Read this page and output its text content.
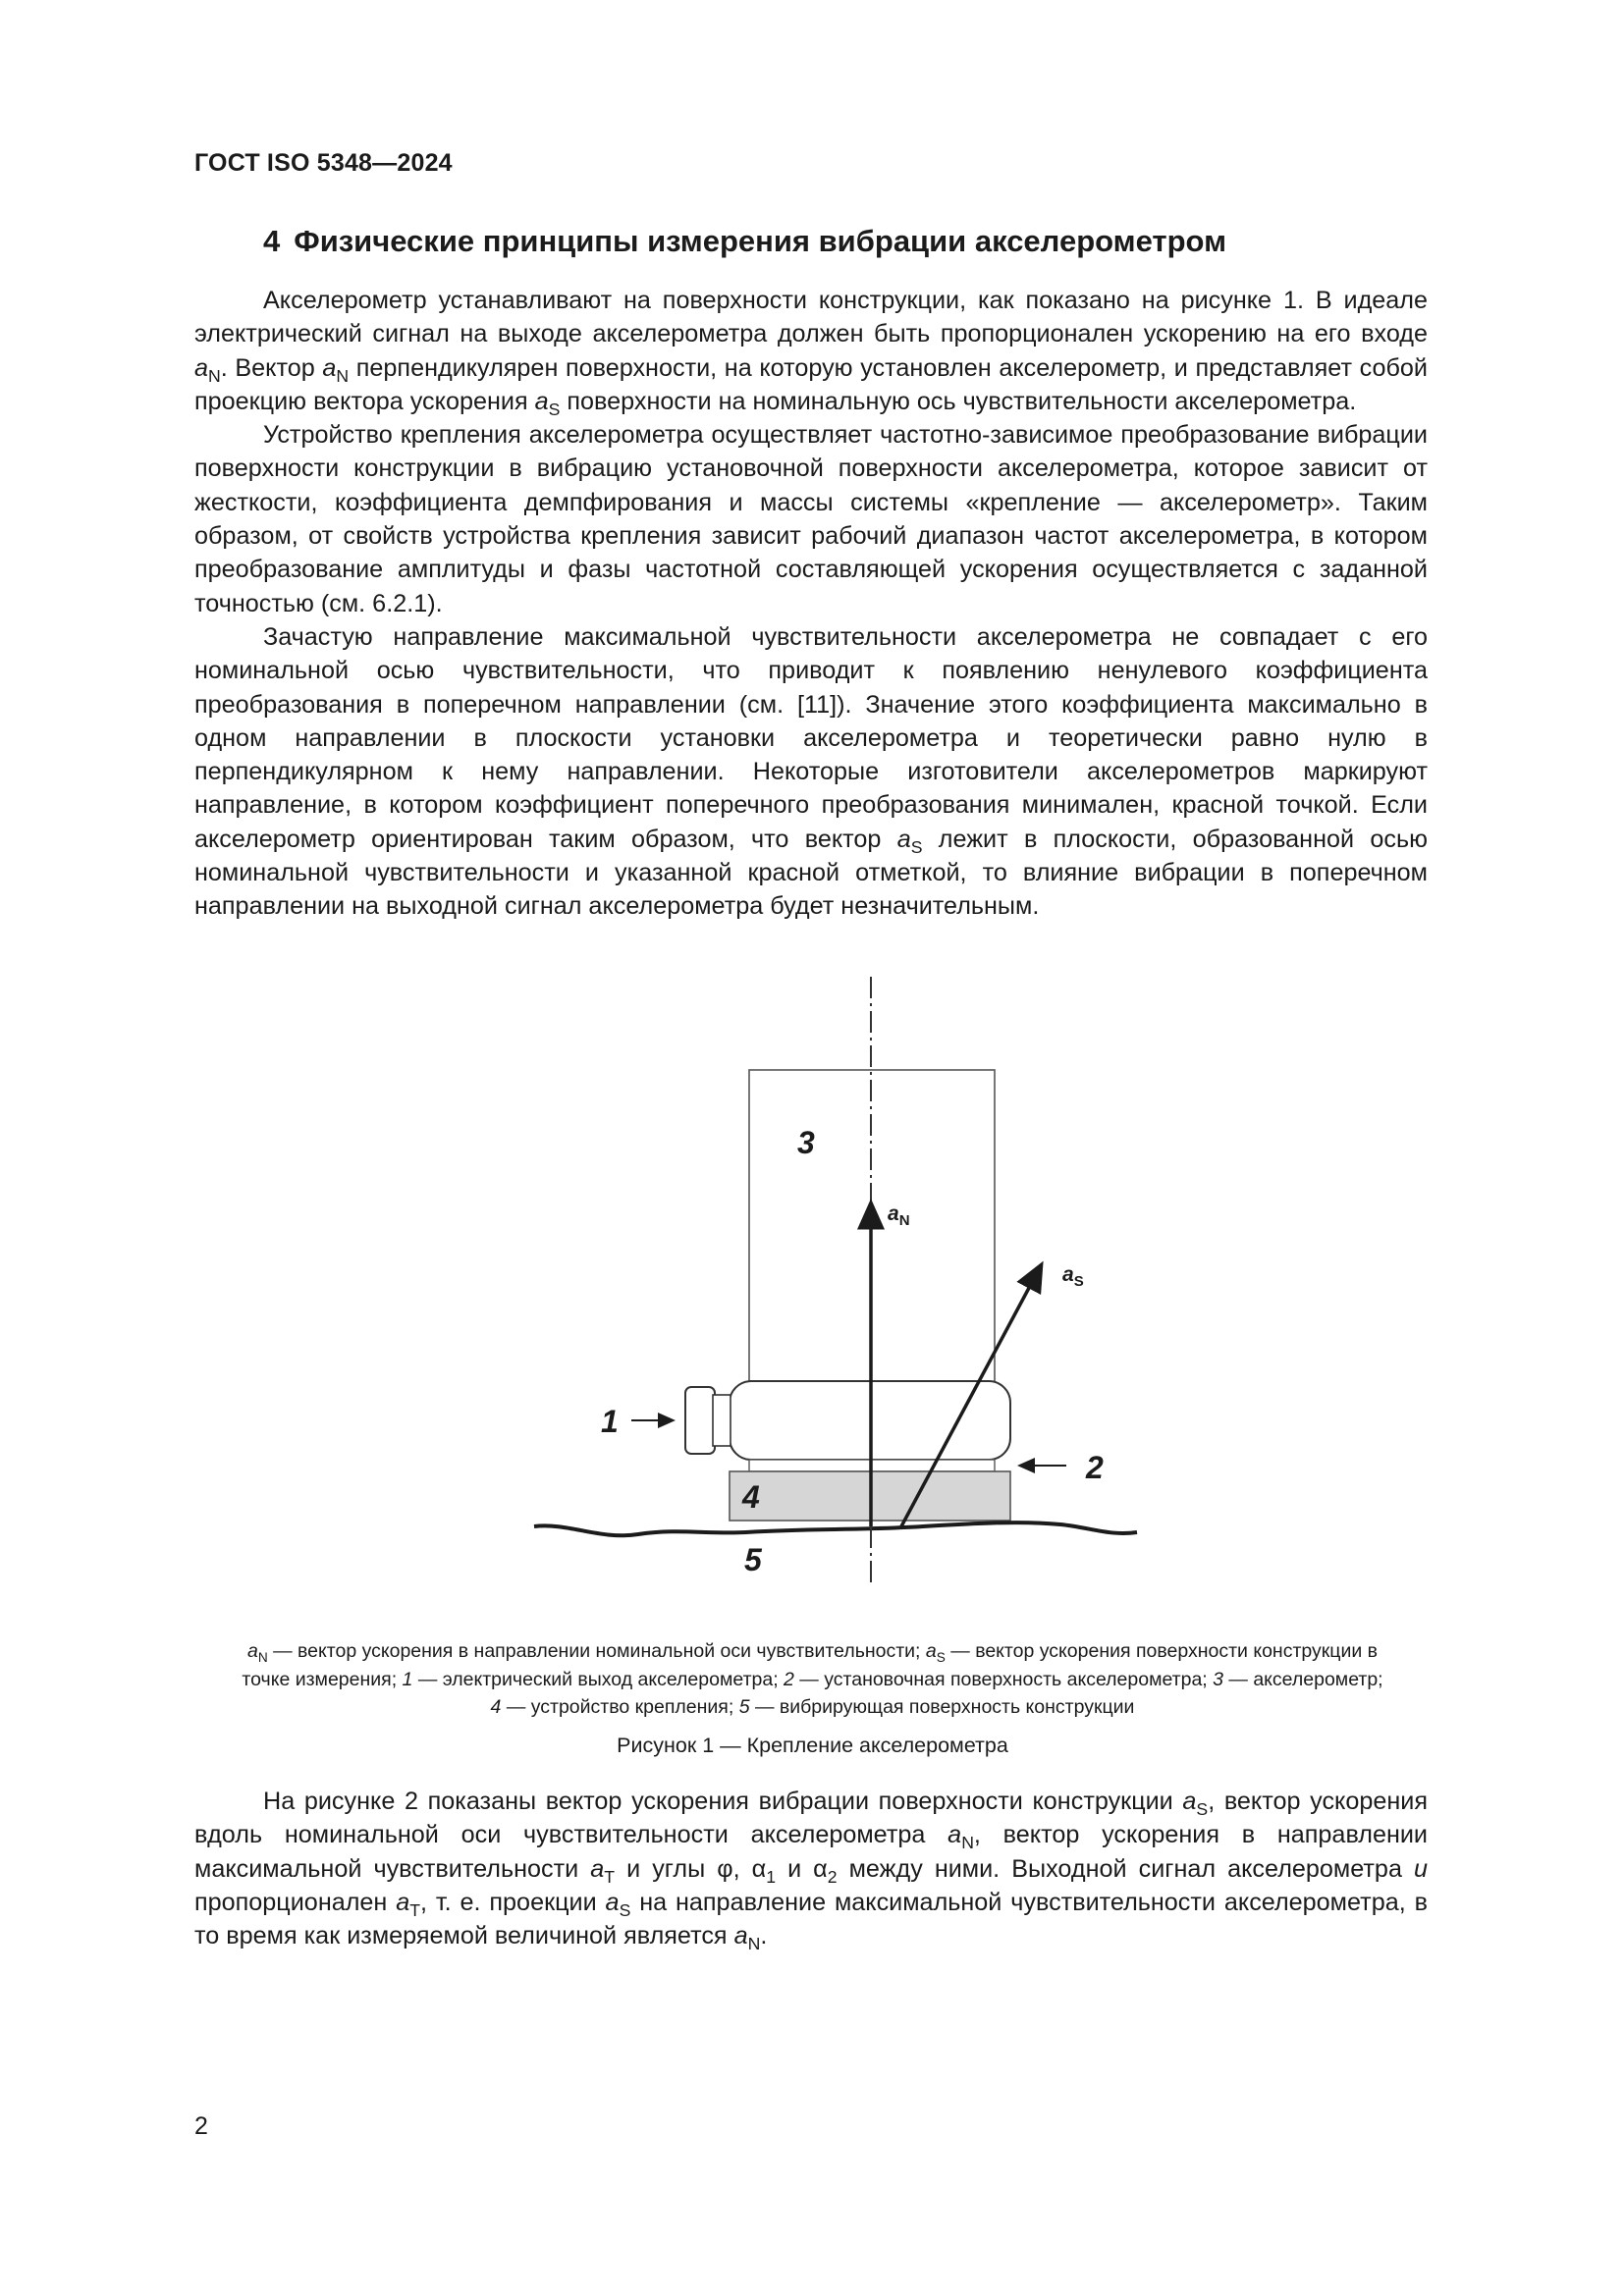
ГОСТ ISO 5348—2024
4 Физические принципы измерения вибрации акселерометром

Акселерометр устанавливают на поверхности конструкции, как показано на рисунке 1. В идеале электрический сигнал на выходе акселерометра должен быть пропорционален ускорению на его входе $a_N$. Вектор $a_N$ перпендикулярен поверхности, на которую установлен акселерометр, и представляет собой проекцию вектора ускорения $a_S$ поверхности на номинальную ось чувствительности акселерометра.

Устройство крепления акселерометра осуществляет частотно-зависимое преобразование вибрации поверхности конструкции в вибрацию установочной поверхности акселерометра, которое зависит от жесткости, коэффициента демпфирования и массы системы «крепление — акселерометр». Таким образом, от свойств устройства крепления зависит рабочий диапазон частот акселерометра, в котором преобразование амплитуды и фазы частотной составляющей ускорения осуществляется с заданной точностью (см. 6.2.1).

Зачастую направление максимальной чувствительности акселерометра не совпадает с его номинальной осью чувствительности, что приводит к появлению ненулевого коэффициента преобразования в поперечном направлении (см. [11]). Значение этого коэффициента максимально в одном направлении в плоскости установки акселерометра и теоретически равно нулю в перпендикулярном к нему направлении. Некоторые изготовители акселерометров маркируют направление, в котором коэффициент поперечного преобразования минимален, красной точкой. Если акселерометр ориентирован таким образом, что вектор $a_S$ лежит в плоскости, образованной осью номинальной чувствительности и указанной красной отметкой, то влияние вибрации в поперечном направлении на выходной сигнал акселерометра будет незначительным.

1
2
3
4
5
$a_N$
$a_S$
$a_N$ — вектор ускорения в направлении номинальной оси чувствительности; $a_S$ — вектор ускорения поверхности конструкции в точке измерения; 1 — электрический выход акселерометра; 2 — установочная поверхность акселерометра; 3 — акселерометр; 4 — устройство крепления; 5 — вибрирующая поверхность конструкции
Рисунок 1 — Крепление акселерометра

На рисунке 2 показаны вектор ускорения вибрации поверхности конструкции $a_S$, вектор ускорения вдоль номинальной оси чувствительности акселерометра $a_N$, вектор ускорения в направлении максимальной чувствительности $a_T$ и углы φ, $\alpha_1$ и $\alpha_2$ между ними. Выходной сигнал акселерометра u пропорционален $a_T$, т. е. проекции $a_S$ на направление максимальной чувствительности акселерометра, в то время как измеряемой величиной является $a_N$.

2
